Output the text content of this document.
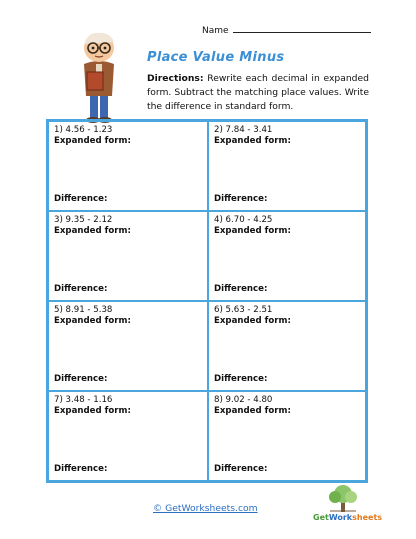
Name
Place Value Minus
Directions: Rewrite each decimal in expanded form. Subtract the matching place values. Write the difference in standard form.
1) 4.56 - 1.23
Expanded form:
Difference:
2) 7.84 - 3.41
Expanded form:
Difference:
3) 9.35 - 2.12
Expanded form:
Difference:
4) 6.70 - 4.25
Expanded form:
Difference:
5) 8.91 - 5.38
Expanded form:
Difference:
6) 5.63 - 2.51
Expanded form:
Difference:
7) 3.48 - 1.16
Expanded form:
Difference:
8) 9.02 - 4.80
Expanded form:
Difference:
© GetWorksheets.com
GetWorksheets
